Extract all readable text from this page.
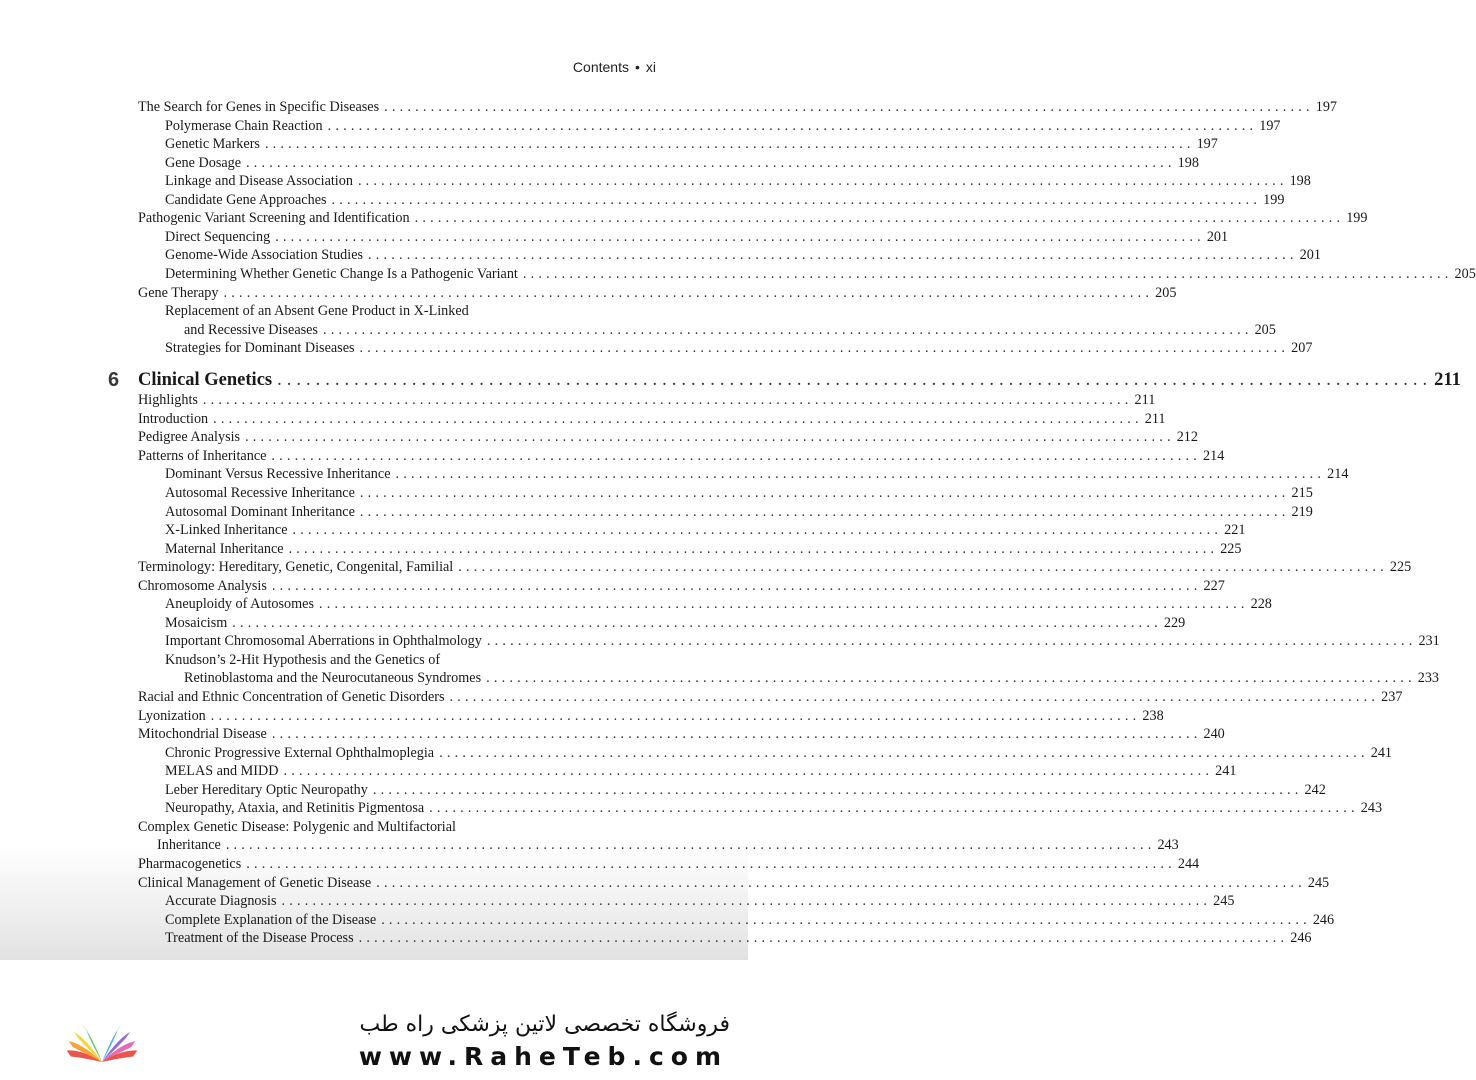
Contents • xi
The Search for Genes in Specific Diseases ........................................................................................................................ 197
Polymerase Chain Reaction ........................................................................................................................ 197
Genetic Markers ........................................................................................................................ 197
Gene Dosage ........................................................................................................................ 198
Linkage and Disease Association ........................................................................................................................ 198
Candidate Gene Approaches ........................................................................................................................ 199
Pathogenic Variant Screening and Identification ........................................................................................................................ 199
Direct Sequencing ........................................................................................................................ 201
Genome-Wide Association Studies ........................................................................................................................ 201
Determining Whether Genetic Change Is a Pathogenic Variant ........................................................................................................................ 205
Gene Therapy ........................................................................................................................ 205
Replacement of an Absent Gene Product in X-Linked
and Recessive Diseases ........................................................................................................................ 205
Strategies for Dominant Diseases ........................................................................................................................ 207
6 Clinical Genetics ........................................................................................................................ 211
Highlights ........................................................................................................................ 211
Introduction ........................................................................................................................ 211
Pedigree Analysis ........................................................................................................................ 212
Patterns of Inheritance ........................................................................................................................ 214
Dominant Versus Recessive Inheritance ........................................................................................................................ 214
Autosomal Recessive Inheritance ........................................................................................................................ 215
Autosomal Dominant Inheritance ........................................................................................................................ 219
X-Linked Inheritance ........................................................................................................................ 221
Maternal Inheritance ........................................................................................................................ 225
Terminology: Hereditary, Genetic, Congenital, Familial ........................................................................................................................ 225
Chromosome Analysis ........................................................................................................................ 227
Aneuploidy of Autosomes ........................................................................................................................ 228
Mosaicism ........................................................................................................................ 229
Important Chromosomal Aberrations in Ophthalmology ........................................................................................................................ 231
Knudson’s 2-Hit Hypothesis and the Genetics of
Retinoblastoma and the Neurocutaneous Syndromes ........................................................................................................................ 233
Racial and Ethnic Concentration of Genetic Disorders ........................................................................................................................ 237
Lyonization ........................................................................................................................ 238
Mitochondrial Disease ........................................................................................................................ 240
Chronic Progressive External Ophthalmoplegia ........................................................................................................................ 241
MELAS and MIDD ........................................................................................................................ 241
Leber Hereditary Optic Neuropathy ........................................................................................................................ 242
Neuropathy, Ataxia, and Retinitis Pigmentosa ........................................................................................................................ 243
Complex Genetic Disease: Polygenic and Multifactorial
Inheritance ........................................................................................................................ 243
Pharmacogenetics ........................................................................................................................ 244
Clinical Management of Genetic Disease ........................................................................................................................ 245
Accurate Diagnosis ........................................................................................................................ 245
Complete Explanation of the Disease ........................................................................................................................ 246
Treatment of the Disease Process ........................................................................................................................ 246
فروشگاه تخصصی لاتین پزشکی راه طب
www.RaheTeb.com
